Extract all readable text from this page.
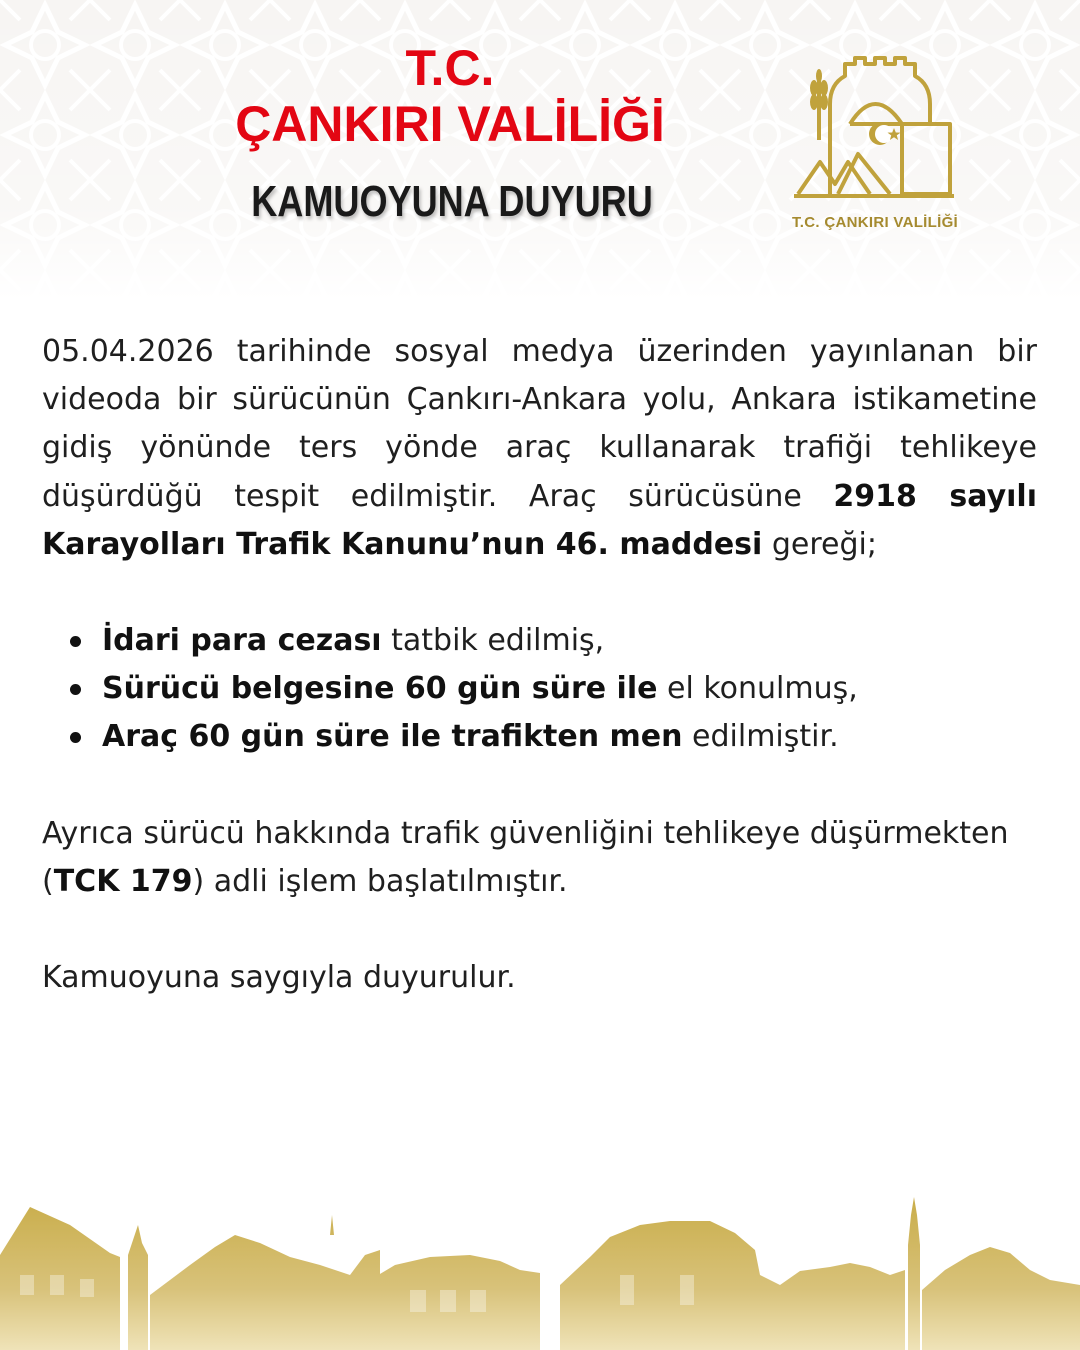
T.C.
ÇANKIRI VALİLİĞİ
KAMUOYUNA DUYURU	T.C. ÇANKIRI VALİLİĞİ

05.04.2026 tarihinde sosyal medya üzerinden yayınlanan bir videoda bir sürücünün Çankırı-Ankara yolu, Ankara istikametine gidiş yönünde ters yönde araç kullanarak trafiği tehlikeye düşürdüğü tespit edilmiştir. Araç sürücüsüne 2918 sayılı Karayolları Trafik Kanunu’nun 46. maddesi gereği;

İdari para cezası tatbik edilmiş,
Sürücü belgesine 60 gün süre ile el konulmuş,
Araç 60 gün süre ile trafikten men edilmiştir.

Ayrıca sürücü hakkında trafik güvenliğini tehlikeye düşürmekten (TCK 179) adli işlem başlatılmıştır.

Kamuoyuna saygıyla duyurulur.
